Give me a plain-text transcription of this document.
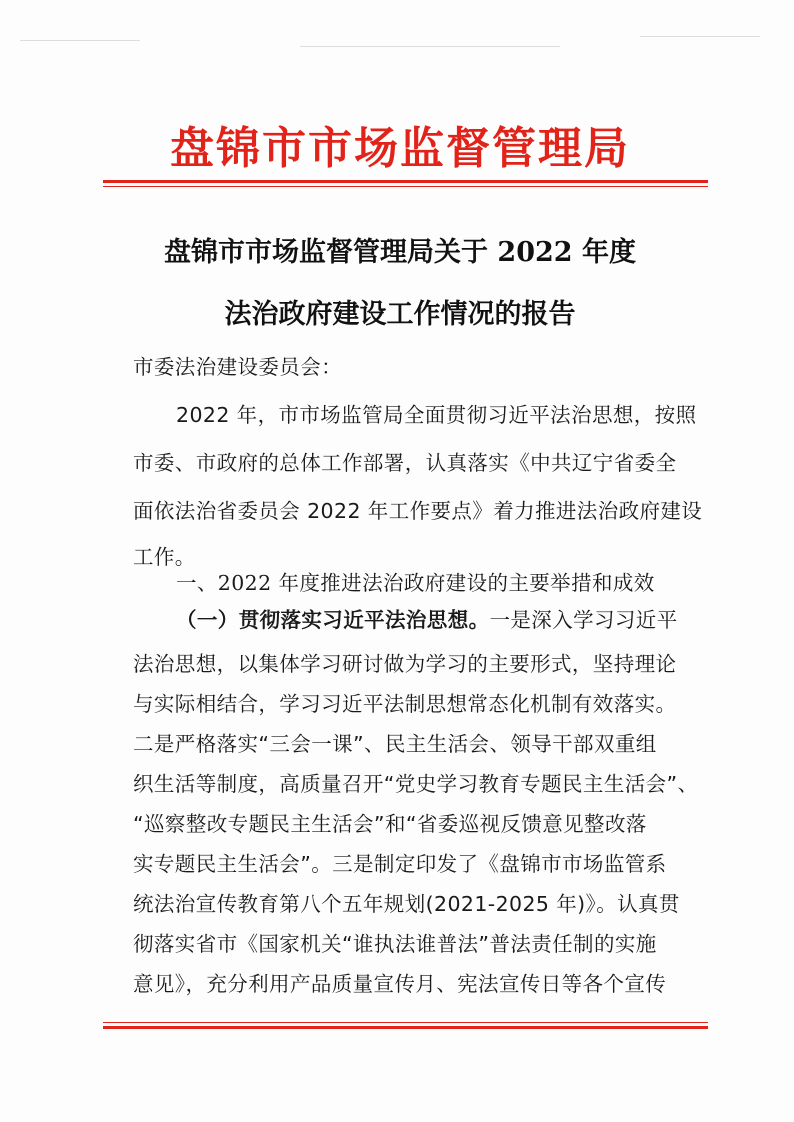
盘锦市市场监督管理局
盘锦市市场监督管理局关于 2022 年度
法治政府建设工作情况的报告
市委法治建设委员会：
2022 年，市市场监管局全面贯彻习近平法治思想，按照
市委、市政府的总体工作部署，认真落实《中共辽宁省委全
面依法治省委员会 2022 年工作要点》着力推进法治政府建设
工作。
一、2022 年度推进法治政府建设的主要举措和成效
（一）贯彻落实习近平法治思想。一是深入学习习近平
法治思想，以集体学习研讨做为学习的主要形式，坚持理论
与实际相结合，学习习近平法制思想常态化机制有效落实。
二是严格落实“三会一课”、民主生活会、领导干部双重组
织生活等制度，高质量召开“党史学习教育专题民主生活会”、
“巡察整改专题民主生活会”和“省委巡视反馈意见整改落
实专题民主生活会”。三是制定印发了《盘锦市市场监管系
统法治宣传教育第八个五年规划(2021-2025 年)》。认真贯
彻落实省市《国家机关“谁执法谁普法”普法责任制的实施
意见》，充分利用产品质量宣传月、宪法宣传日等各个宣传
